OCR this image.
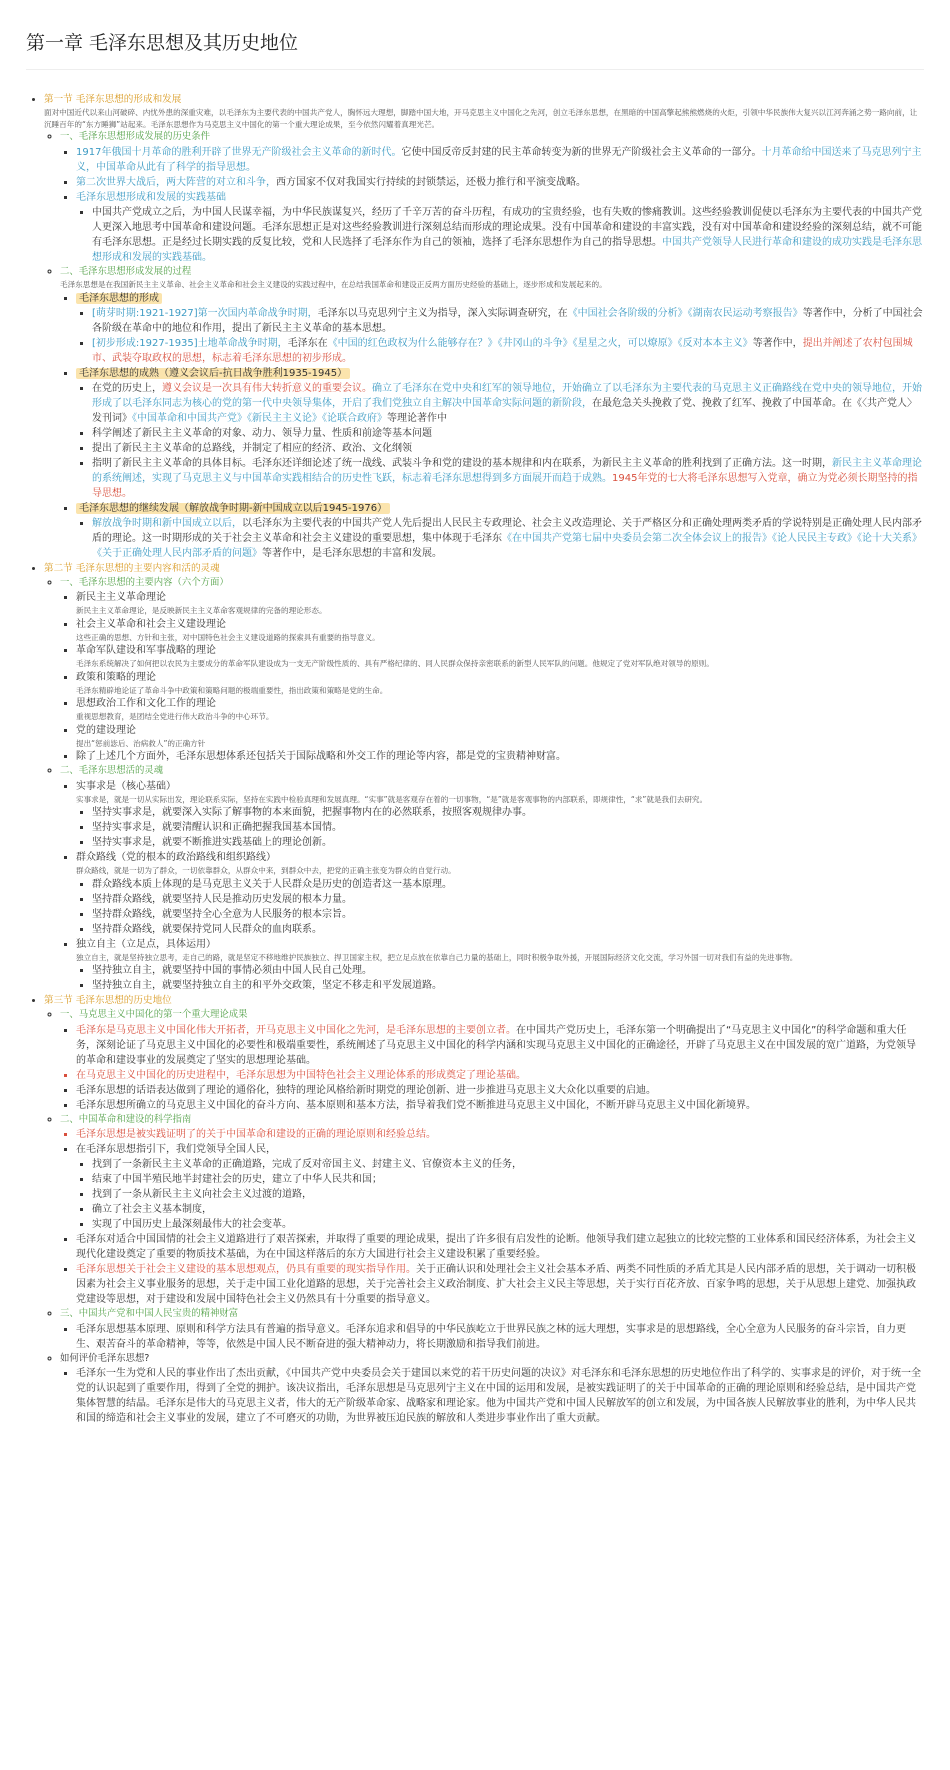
第一章 毛泽东思想及其历史地位
• 第一节 毛泽东思想的形成和发展
面对中国近代以来山河破碎、内忧外患的深重灾难，以毛泽东为主要代表的中国共产党人，胸怀远大理想，脚踏中国大地，开马克思主义中国化之先河，创立毛泽东思想，在黑暗的中国高擎起熊熊燃烧的火炬，引领中华民族伟大复兴以江河奔涌之势一路向前，让沉睡百年的“东方睡狮”站起来。毛泽东思想作为马克思主义中国化的第一个重大理论成果，至今依然闪耀着真理光芒。
◦ 一、毛泽东思想形成发展的历史条件
▪ 1917年俄国十月革命的胜利开辟了世界无产阶级社会主义革命的新时代。它使中国反帝反封建的民主革命转变为新的世界无产阶级社会主义革命的一部分。十月革命给中国送来了马克思列宁主义，中国革命从此有了科学的指导思想。
▪ 第二次世界大战后，两大阵营的对立和斗争，西方国家不仅对我国实行持续的封锁禁运，还极力推行和平演变战略。
▪ 毛泽东思想形成和发展的实践基础
▪ 中国共产党成立之后，为中国人民谋幸福，为中华民族谋复兴，经历了千辛万苦的奋斗历程，有成功的宝贵经验，也有失败的惨痛教训。这些经验教训促使以毛泽东为主要代表的中国共产党人更深入地思考中国革命和建设问题。毛泽东思想正是对这些经验教训进行深刻总结而形成的理论成果。没有中国革命和建设的丰富实践，没有对中国革命和建设经验的深刻总结，就不可能有毛泽东思想。正是经过长期实践的反复比较，党和人民选择了毛泽东作为自己的领袖，选择了毛泽东思想作为自己的指导思想。中国共产党领导人民进行革命和建设的成功实践是毛泽东思想形成和发展的实践基础。
◦ 二、毛泽东思想形成发展的过程
毛泽东思想是在我国新民主主义革命、社会主义革命和社会主义建设的实践过程中，在总结我国革命和建设正反两方面历史经验的基础上，逐步形成和发展起来的。
▪ 毛泽东思想的形成
▪ [萌芽时期:1921-1927]第一次国内革命战争时期，毛泽东以马克思列宁主义为指导，深入实际调查研究，在《中国社会各阶级的分析》《湖南农民运动考察报告》等著作中，分析了中国社会各阶级在革命中的地位和作用，提出了新民主主义革命的基本思想。
▪ [初步形成:1927-1935]土地革命战争时期，毛泽东在《中国的红色政权为什么能够存在？》《井冈山的斗争》《星星之火，可以燎原》《反对本本主义》等著作中，提出并阐述了农村包围城市、武装夺取政权的思想，标志着毛泽东思想的初步形成。
▪ 毛泽东思想的成熟（遵义会议后-抗日战争胜利1935-1945）
▪ 在党的历史上，遵义会议是一次具有伟大转折意义的重要会议。确立了毛泽东在党中央和红军的领导地位，开始确立了以毛泽东为主要代表的马克思主义正确路线在党中央的领导地位，开始形成了以毛泽东同志为核心的党的第一代中央领导集体，开启了我们党独立自主解决中国革命实际问题的新阶段，在最危急关头挽救了党、挽救了红军、挽救了中国革命。在《〈共产党人〉发刊词》《中国革命和中国共产党》《新民主主义论》《论联合政府》等理论著作中
▪ 科学阐述了新民主主义革命的对象、动力、领导力量、性质和前途等基本问题
▪ 提出了新民主主义革命的总路线，并制定了相应的经济、政治、文化纲领
▪ 指明了新民主主义革命的具体目标。毛泽东还详细论述了统一战线、武装斗争和党的建设的基本规律和内在联系，为新民主主义革命的胜利找到了正确方法。这一时期，新民主主义革命理论的系统阐述，实现了马克思主义与中国革命实践相结合的历史性飞跃，标志着毛泽东思想得到多方面展开而趋于成熟。1945年党的七大将毛泽东思想写入党章，确立为党必须长期坚持的指导思想。
▪ 毛泽东思想的继续发展（解放战争时期-新中国成立以后1945-1976）
▪ 解放战争时期和新中国成立以后，以毛泽东为主要代表的中国共产党人先后提出人民民主专政理论、社会主义改造理论、关于严格区分和正确处理两类矛盾的学说特别是正确处理人民内部矛盾的理论。这一时期形成的关于社会主义革命和社会主义建设的重要思想，集中体现于毛泽东《在中国共产党第七届中央委员会第二次全体会议上的报告》《论人民民主专政》《论十大关系》《关于正确处理人民内部矛盾的问题》等著作中，是毛泽东思想的丰富和发展。
• 第二节 毛泽东思想的主要内容和活的灵魂
◦ 一、毛泽东思想的主要内容（六个方面）
▪ 新民主主义革命理论
新民主主义革命理论，是反映新民主主义革命客观规律的完备的理论形态。
▪ 社会主义革命和社会主义建设理论
这些正确的思想、方针和主张，对中国特色社会主义建设道路的探索具有重要的指导意义。
▪ 革命军队建设和军事战略的理论
毛泽东系统解决了如何把以农民为主要成分的革命军队建设成为一支无产阶级性质的、具有严格纪律的、同人民群众保持亲密联系的新型人民军队的问题。他规定了党对军队绝对领导的原则。
▪ 政策和策略的理论
毛泽东精辟地论证了革命斗争中政策和策略问题的极端重要性，指出政策和策略是党的生命。
▪ 思想政治工作和文化工作的理论
重视思想教育，是团结全党进行伟大政治斗争的中心环节。
▪ 党的建设理论
提出“惩前毖后、治病救人”的正确方针
▪ 除了上述几个方面外，毛泽东思想体系还包括关于国际战略和外交工作的理论等内容，都是党的宝贵精神财富。
◦ 二、毛泽东思想活的灵魂
▪ 实事求是（核心基础）
实事求是，就是一切从实际出发，理论联系实际，坚持在实践中检验真理和发展真理。“实事”就是客观存在着的一切事物，“是”就是客观事物的内部联系，即规律性，“求”就是我们去研究。
▪ 坚持实事求是，就要深入实际了解事物的本来面貌，把握事物内在的必然联系，按照客观规律办事。
▪ 坚持实事求是，就要清醒认识和正确把握我国基本国情。
▪ 坚持实事求是，就要不断推进实践基础上的理论创新。
▪ 群众路线（党的根本的政治路线和组织路线）
群众路线，就是一切为了群众，一切依靠群众，从群众中来，到群众中去，把党的正确主张变为群众的自觉行动。
▪ 群众路线本质上体现的是马克思主义关于人民群众是历史的创造者这一基本原理。
▪ 坚持群众路线，就要坚持人民是推动历史发展的根本力量。
▪ 坚持群众路线，就要坚持全心全意为人民服务的根本宗旨。
▪ 坚持群众路线，就要保持党同人民群众的血肉联系。
▪ 独立自主（立足点，具体运用）
独立自主，就是坚持独立思考，走自己的路，就是坚定不移地维护民族独立、捍卫国家主权，把立足点放在依靠自己力量的基础上，同时积极争取外援，开展国际经济文化交流，学习外国一切对我们有益的先进事物。
▪ 坚持独立自主，就要坚持中国的事情必须由中国人民自己处理。
▪ 坚持独立自主，就要坚持独立自主的和平外交政策，坚定不移走和平发展道路。
• 第三节 毛泽东思想的历史地位
◦ 一、马克思主义中国化的第一个重大理论成果
▪ 毛泽东是马克思主义中国化伟大开拓者，开马克思主义中国化之先河，是毛泽东思想的主要创立者。在中国共产党历史上，毛泽东第一个明确提出了“马克思主义中国化”的科学命题和重大任务，深刻论证了马克思主义中国化的必要性和极端重要性，系统阐述了马克思主义中国化的科学内涵和实现马克思主义中国化的正确途径，开辟了马克思主义在中国发展的宽广道路，为党领导的革命和建设事业的发展奠定了坚实的思想理论基础。
▪ 在马克思主义中国化的历史进程中，毛泽东思想为中国特色社会主义理论体系的形成奠定了理论基础。
▪ 毛泽东思想的话语表达做到了理论的通俗化，独特的理论风格给新时期党的理论创新、进一步推进马克思主义大众化以重要的启迪。
▪ 毛泽东思想所确立的马克思主义中国化的奋斗方向、基本原则和基本方法，指导着我们党不断推进马克思主义中国化，不断开辟马克思主义中国化新境界。
◦ 二、中国革命和建设的科学指南
▪ 毛泽东思想是被实践证明了的关于中国革命和建设的正确的理论原则和经验总结。
▪ 在毛泽东思想指引下，我们党领导全国人民，
▪ 找到了一条新民主主义革命的正确道路，完成了反对帝国主义、封建主义、官僚资本主义的任务，
▪ 结束了中国半殖民地半封建社会的历史，建立了中华人民共和国；
▪ 找到了一条从新民主主义向社会主义过渡的道路，
▪ 确立了社会主义基本制度，
▪ 实现了中国历史上最深刻最伟大的社会变革。
▪ 毛泽东对适合中国国情的社会主义道路进行了艰苦探索，并取得了重要的理论成果，提出了许多很有启发性的论断。他领导我们建立起独立的比较完整的工业体系和国民经济体系，为社会主义现代化建设奠定了重要的物质技术基础，为在中国这样落后的东方大国进行社会主义建设积累了重要经验。
▪ 毛泽东思想关于社会主义建设的基本思想观点，仍具有重要的现实指导作用。关于正确认识和处理社会主义社会基本矛盾、两类不同性质的矛盾尤其是人民内部矛盾的思想，关于调动一切积极因素为社会主义事业服务的思想，关于走中国工业化道路的思想，关于完善社会主义政治制度、扩大社会主义民主等思想，关于实行百花齐放、百家争鸣的思想，关于从思想上建党、加强执政党建设等思想，对于建设和发展中国特色社会主义仍然具有十分重要的指导意义。
◦ 三、中国共产党和中国人民宝贵的精神财富
▪ 毛泽东思想基本原理、原则和科学方法具有普遍的指导意义。毛泽东追求和倡导的中华民族屹立于世界民族之林的远大理想，实事求是的思想路线，全心全意为人民服务的奋斗宗旨，自力更生、艰苦奋斗的革命精神，等等，依然是中国人民不断奋进的强大精神动力，将长期激励和指导我们前进。
◦ 如何评价毛泽东思想?
▪ 毛泽东一生为党和人民的事业作出了杰出贡献，《中国共产党中央委员会关于建国以来党的若干历史问题的决议》对毛泽东和毛泽东思想的历史地位作出了科学的、实事求是的评价，对于统一全党的认识起到了重要作用，得到了全党的拥护。该决议指出，毛泽东思想是马克思列宁主义在中国的运用和发展，是被实践证明了的关于中国革命的正确的理论原则和经验总结，是中国共产党集体智慧的结晶。毛泽东是伟大的马克思主义者，伟大的无产阶级革命家、战略家和理论家。他为中国共产党和中国人民解放军的创立和发展，为中国各族人民解放事业的胜利，为中华人民共和国的缔造和社会主义事业的发展，建立了不可磨灭的功勋，为世界被压迫民族的解放和人类进步事业作出了重大贡献。
